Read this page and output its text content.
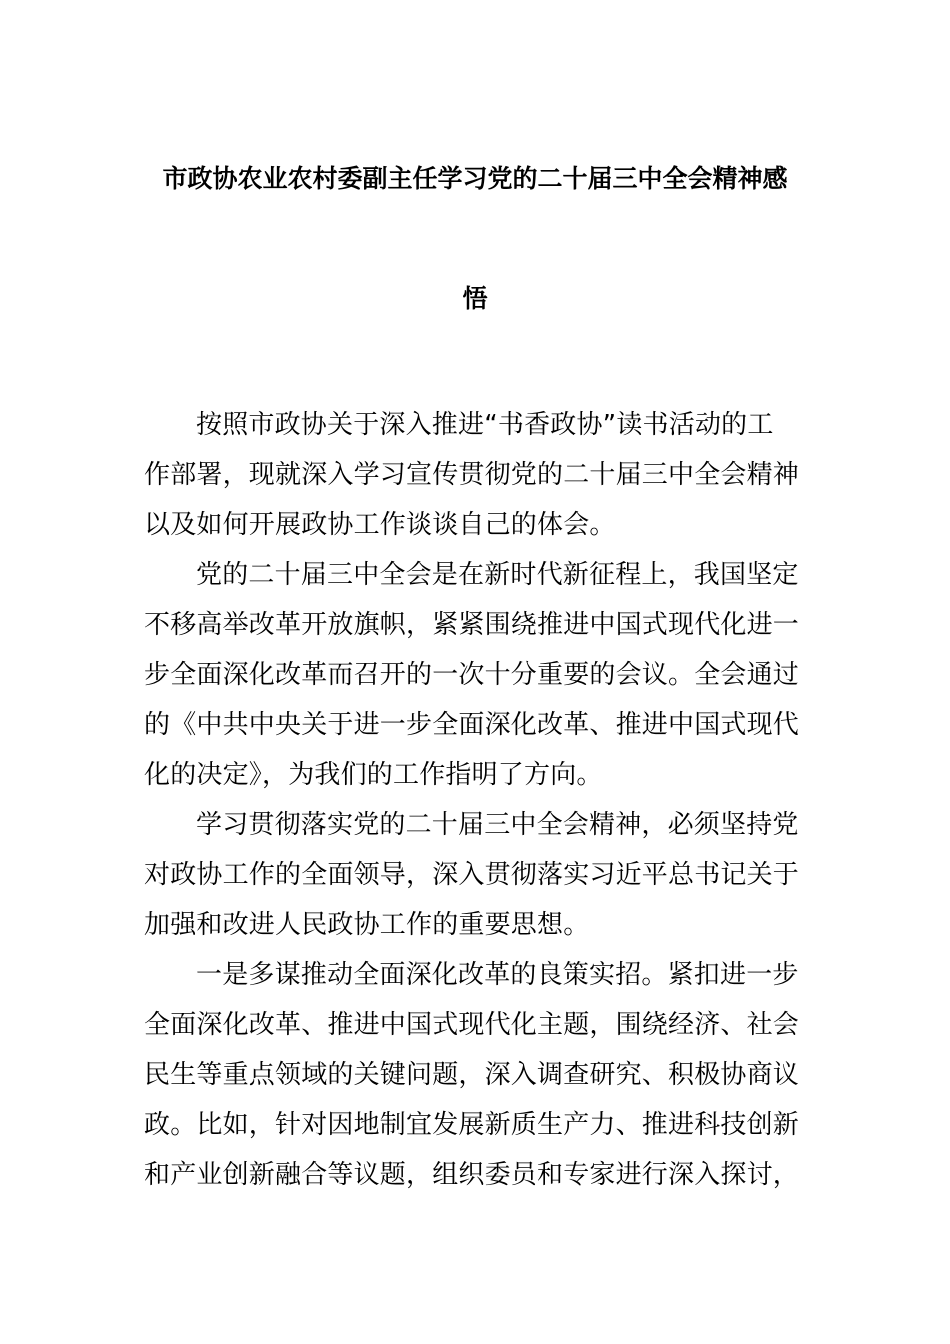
市政协农业农村委副主任学习党的二十届三中全会精神感
悟

按照市政协关于深入推进“书香政协”读书活动的工
作部署，现就深入学习宣传贯彻党的二十届三中全会精神
以及如何开展政协工作谈谈自己的体会。

党的二十届三中全会是在新时代新征程上，我国坚定
不移高举改革开放旗帜，紧紧围绕推进中国式现代化进一
步全面深化改革而召开的一次十分重要的会议。全会通过
的《中共中央关于进一步全面深化改革、推进中国式现代
化的决定》，为我们的工作指明了方向。

学习贯彻落实党的二十届三中全会精神，必须坚持党
对政协工作的全面领导，深入贯彻落实习近平总书记关于
加强和改进人民政协工作的重要思想。

一是多谋推动全面深化改革的良策实招。紧扣进一步
全面深化改革、推进中国式现代化主题，围绕经济、社会
民生等重点领域的关键问题，深入调查研究、积极协商议
政。比如，针对因地制宜发展新质生产力、推进科技创新
和产业创新融合等议题，组织委员和专家进行深入探讨，
